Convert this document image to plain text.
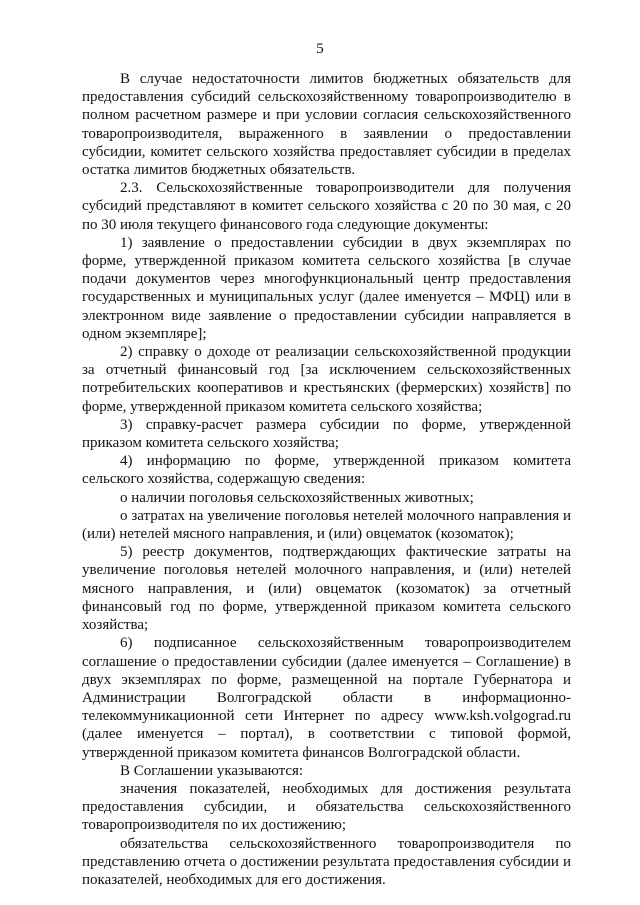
5

В случае недостаточности лимитов бюджетных обязательств для предоставления субсидий сельскохозяйственному товаропроизводителю в полном расчетном размере и при условии согласия сельскохозяйственного товаропроизводителя, выраженного в заявлении о предоставлении субсидии, комитет сельского хозяйства предоставляет субсидии в пределах остатка лимитов бюджетных обязательств.

2.3. Сельскохозяйственные товаропроизводители для получения субсидий представляют в комитет сельского хозяйства с 20 по 30 мая, с 20 по 30 июля текущего финансового года следующие документы:

1) заявление о предоставлении субсидии в двух экземплярах по форме, утвержденной приказом комитета сельского хозяйства [в случае подачи документов через многофункциональный центр предоставления государственных и муниципальных услуг (далее именуется – МФЦ) или в электронном виде заявление о предоставлении субсидии направляется в одном экземпляре];

2) справку о доходе от реализации сельскохозяйственной продукции за отчетный финансовый год [за исключением сельскохозяйственных потребительских кооперативов и крестьянских (фермерских) хозяйств] по форме, утвержденной приказом комитета сельского хозяйства;

3) справку-расчет размера субсидии по форме, утвержденной приказом комитета сельского хозяйства;

4) информацию по форме, утвержденной приказом комитета сельского хозяйства, содержащую сведения:

о наличии поголовья сельскохозяйственных животных;

о затратах на увеличение поголовья нетелей молочного направления и (или) нетелей мясного направления, и (или) овцематок (козоматок);

5) реестр документов, подтверждающих фактические затраты на увеличение поголовья нетелей молочного направления, и (или) нетелей мясного направления, и (или) овцематок (козоматок) за отчетный финансовый год по форме, утвержденной приказом комитета сельского хозяйства;

6) подписанное сельскохозяйственным товаропроизводителем соглашение о предоставлении субсидии (далее именуется – Соглашение) в двух экземплярах по форме, размещенной на портале Губернатора и Администрации Волгоградской области в информационно-телекоммуникационной сети Интернет по адресу www.ksh.volgograd.ru (далее именуется – портал), в соответствии с типовой формой, утвержденной приказом комитета финансов Волгоградской области.

В Соглашении указываются:

значения показателей, необходимых для достижения результата предоставления субсидии, и обязательства сельскохозяйственного товаропроизводителя по их достижению;

обязательства сельскохозяйственного товаропроизводителя по представлению отчета о достижении результата предоставления субсидии и показателей, необходимых для его достижения.
